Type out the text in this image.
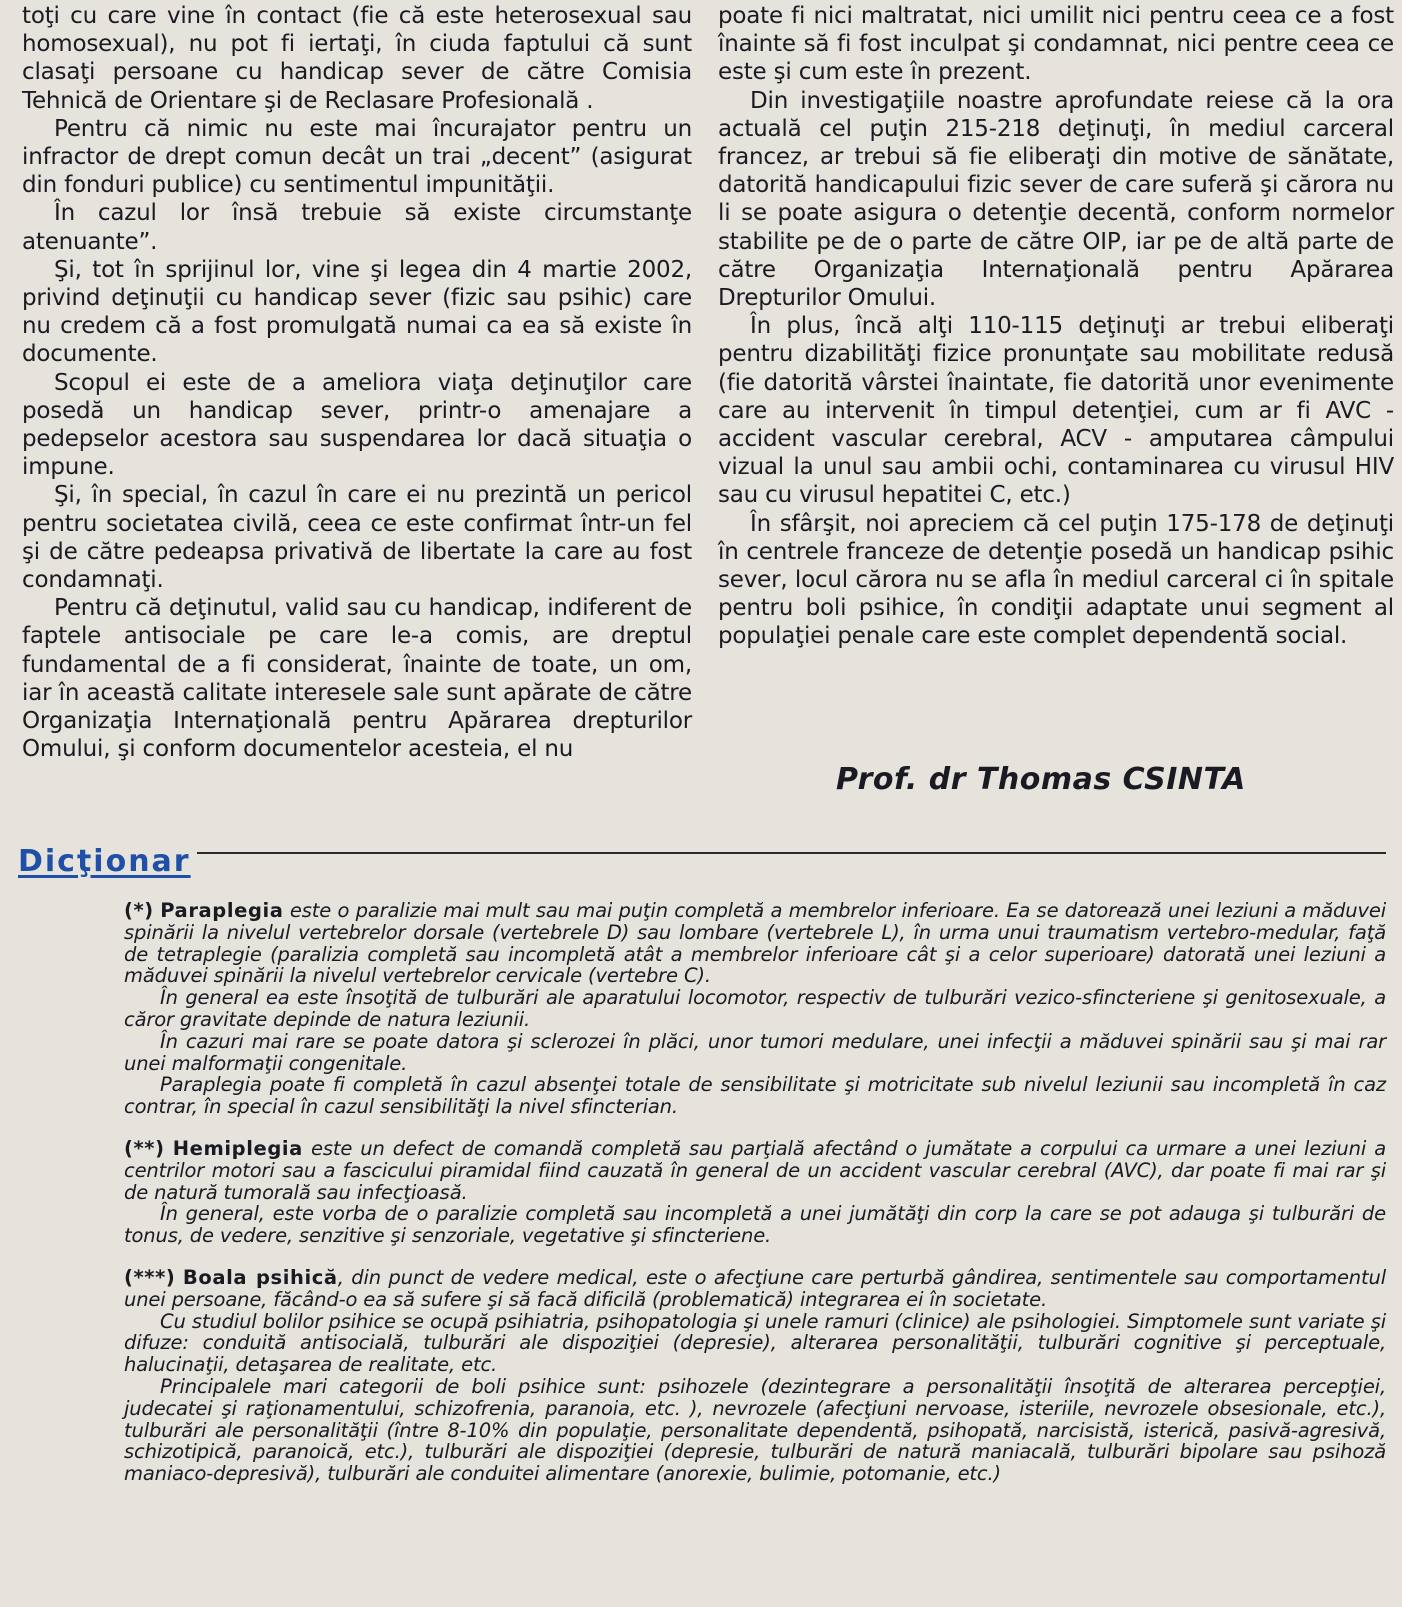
toţi cu care vine în contact (fie că este heterosexual sau homosexual), nu pot fi iertaţi, în ciuda faptului că sunt clasaţi persoane cu handicap sever de către Comisia Tehnică de Orientare şi de Reclasare Profesională .

Pentru că nimic nu este mai încurajator pentru un infractor de drept comun decât un trai „decent” (asigurat din fonduri publice) cu sentimentul impunităţii.

În cazul lor însă trebuie să existe circumstanţe atenuante”.

Şi, tot în sprijinul lor, vine şi legea din 4 martie 2002, privind deţinuţii cu handicap sever (fizic sau psihic) care nu credem că a fost promulgată numai ca ea să existe în documente.

Scopul ei este de a ameliora viaţa deţinuţilor care posedă un handicap sever, printr-o amenajare a pedepselor acestora sau suspendarea lor dacă situaţia o impune.

Şi, în special, în cazul în care ei nu prezintă un pericol pentru societatea civilă, ceea ce este confirmat într-un fel şi de către pedeapsa privativă de libertate la care au fost condamnaţi.

Pentru că deţinutul, valid sau cu handicap, indiferent de faptele antisociale pe care le-a comis, are dreptul fundamental de a fi considerat, înainte de toate, un om, iar în această calitate interesele sale sunt apărate de către Organizaţia Internaţională pentru Apărarea drepturilor Omului, şi conform documentelor acesteia, el nu

poate fi nici maltratat, nici umilit nici pentru ceea ce a fost înainte să fi fost inculpat şi condamnat, nici pentre ceea ce este şi cum este în prezent.

Din investigaţiile noastre aprofundate reiese că la ora actuală cel puţin 215-218 deţinuţi, în mediul carceral francez, ar trebui să fie eliberaţi din motive de sănătate, datorită handicapului fizic sever de care suferă şi cărora nu li se poate asigura o detenţie decentă, conform normelor stabilite pe de o parte de către OIP, iar pe de altă parte de către Organizaţia Internaţională pentru Apărarea Drepturilor Omului.

În plus, încă alţi 110-115 deţinuţi ar trebui eliberaţi pentru dizabilităţi fizice pronunţate sau mobilitate redusă (fie datorită vârstei înaintate, fie datorită unor evenimente care au intervenit în timpul detenţiei, cum ar fi AVC - accident vascular cerebral, ACV - amputarea câmpului vizual la unul sau ambii ochi, contaminarea cu virusul HIV sau cu virusul hepatitei C, etc.)

În sfârşit, noi apreciem că cel puţin 175-178 de deţinuţi în centrele franceze de detenţie posedă un handicap psihic sever, locul cărora nu se afla în mediul carceral ci în spitale pentru boli psihice, în condiţii adaptate unui segment al populaţiei penale care este complet dependentă social.

Prof. dr Thomas CSINTA
Dicţionar

(*) Paraplegia este o paralizie mai mult sau mai puţin completă a membrelor inferioare. Ea se datorează unei leziuni a măduvei spinării la nivelul vertebrelor dorsale (vertebrele D) sau lombare (vertebrele L), în urma unui traumatism vertebro-medular, faţă de tetraplegie (paralizia completă sau incompletă atât a membrelor inferioare cât şi a celor superioare) datorată unei leziuni a măduvei spinării la nivelul vertebrelor cervicale (vertebre C).

În general ea este însoţită de tulburări ale aparatului locomotor, respectiv de tulburări vezico-sfincteriene şi genitosexuale, a căror gravitate depinde de natura leziunii.

În cazuri mai rare se poate datora şi sclerozei în plăci, unor tumori medulare, unei infecţii a măduvei spinării sau şi mai rar unei malformaţii congenitale.

Paraplegia poate fi completă în cazul absenţei totale de sensibilitate şi motricitate sub nivelul leziunii sau incompletă în caz contrar, în special în cazul sensibilităţi la nivel sfincterian.

(**) Hemiplegia este un defect de comandă completă sau parţială afectând o jumătate a corpului ca urmare a unei leziuni a centrilor motori sau a fascicului piramidal fiind cauzată în general de un accident vascular cerebral (AVC), dar poate fi mai rar şi de natură tumorală sau infecţioasă.

În general, este vorba de o paralizie completă sau incompletă a unei jumătăţi din corp la care se pot adauga şi tulburări de tonus, de vedere, senzitive şi senzoriale, vegetative şi sfincteriene.

(***) Boala psihică, din punct de vedere medical, este o afecţiune care perturbă gândirea, sentimentele sau comportamentul unei persoane, făcând-o ea să sufere şi să facă dificilă (problematică) integrarea ei în societate.

Cu studiul bolilor psihice se ocupă psihiatria, psihopatologia şi unele ramuri (clinice) ale psihologiei. Simptomele sunt variate şi difuze: conduită antisocială, tulburări ale dispoziţiei (depresie), alterarea personalităţii, tulburări cognitive şi perceptuale, halucinaţii, detaşarea de realitate, etc.

Principalele mari categorii de boli psihice sunt: psihozele (dezintegrare a personalităţii însoţită de alterarea percepţiei, judecatei şi raţionamentului, schizofrenia, paranoia, etc. ), nevrozele (afecţiuni nervoase, isteriile, nevrozele obsesionale, etc.), tulburări ale personalităţii (între 8-10% din populaţie, personalitate dependentă, psihopată, narcisistă, isterică, pasivă-agresivă, schizotipică, paranoică, etc.), tulburări ale dispoziţiei (depresie, tulburări de natură maniacală, tulburări bipolare sau psihoză maniaco-depresivă), tulburări ale conduitei alimentare (anorexie, bulimie, potomanie, etc.)
